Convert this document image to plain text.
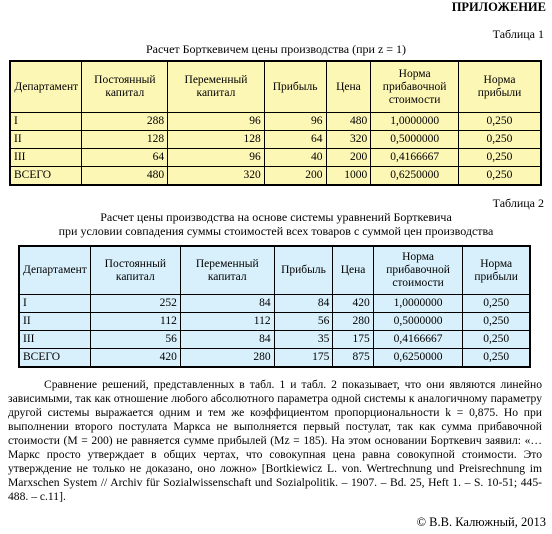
ПРИЛОЖЕНИЕ
Таблица 1
Расчет Борткевичем цены производства (при z = 1)
Департамент	Постоянный капитал	Переменный капитал	Прибыль	Цена	Норма прибавочной стоимости	Норма прибыли
I	288	96	96	480	1,0000000	0,250
II	128	128	64	320	0,5000000	0,250
III	64	96	40	200	0,4166667	0,250
ВСЕГО	480	320	200	1000	0,6250000	0,250
Таблица 2
Расчет цены производства на основе системы уравнений Борткевича
при условии совпадения суммы стоимостей всех товаров с суммой цен производства
Департамент	Постоянный капитал	Переменный капитал	Прибыль	Цена	Норма прибавочной стоимости	Норма прибыли
I	252	84	84	420	1,0000000	0,250
II	112	112	56	280	0,5000000	0,250
III	56	84	35	175	0,4166667	0,250
ВСЕГО	420	280	175	875	0,6250000	0,250
Сравнение решений, представленных в табл. 1 и табл. 2 показывает, что они являются линейно зависимыми, так как отношение любого абсолютного параметра одной системы к аналогичному параметру другой системы выражается одним и тем же коэффициентом пропорциональности k = 0,875. Но при выполнении второго постулата Маркса не выполняется первый постулат, так как сумма прибавочной стоимости (M = 200) не равняется сумме прибылей (Mz = 185). На этом основании Борткевич заявил: «… Маркс просто утверждает в общих чертах, что совокупная цена равна совокупной стоимости. Это утверждение не только не доказано, оно ложно» [Bortkiewicz L. von. Wertrechnung und Preisrechnung im Marxschen System // Archiv für Sozialwissenschaft und Sozialpolitik. – 1907. – Bd. 25, Heft 1. – S. 10-51; 445-488. – c.11].
© В.В. Калюжный, 2013
